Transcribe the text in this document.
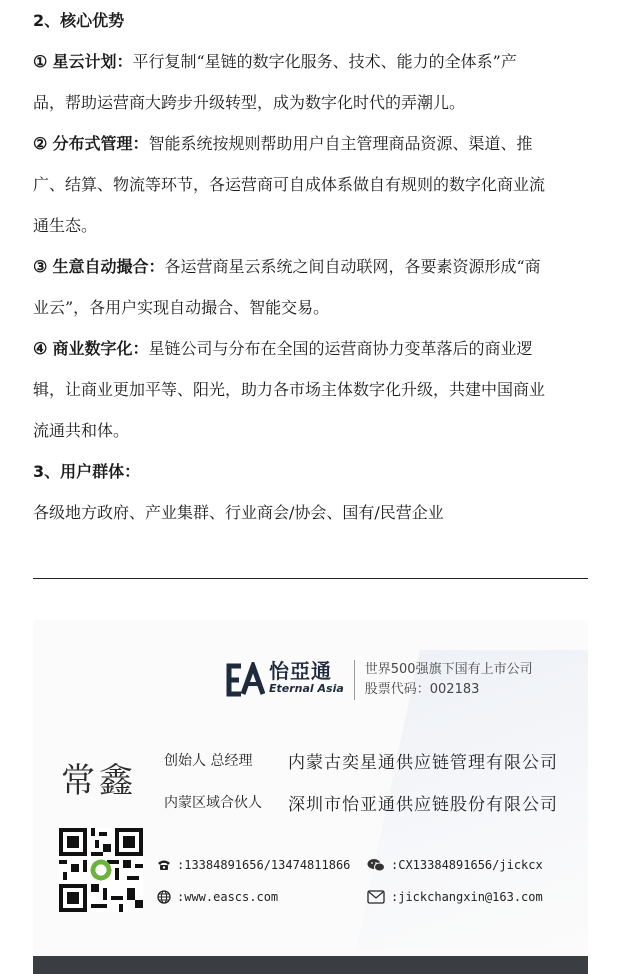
2、核心优势

① 星云计划：平行复制“星链的数字化服务、技术、能力的全体系”产

品，帮助运营商大跨步升级转型，成为数字化时代的弄潮儿。

② 分布式管理：智能系统按规则帮助用户自主管理商品资源、渠道、推

广、结算、物流等环节，各运营商可自成体系做自有规则的数字化商业流

通生态。

③ 生意自动撮合：各运营商星云系统之间自动联网，各要素资源形成“商

业云”，各用户实现自动撮合、智能交易。

④ 商业数字化：星链公司与分布在全国的运营商协力变革落后的商业逻

辑，让商业更加平等、阳光，助力各市场主体数字化升级，共建中国商业

流通共和体。

3、用户群体：

各级地方政府、产业集群、行业商会/协会、国有/民营企业

怡亞通
Eternal Asia
世界500强旗下国有上市公司
股票代码：002183
常鑫 创始人 总经理 内蒙古奕星通供应链管理有限公司
内蒙区域合伙人 深圳市怡亚通供应链股份有限公司
:13384891656/13474811866	:CX13384891656/jickcx
:www.eascs.com	:jickchangxin@163.com
